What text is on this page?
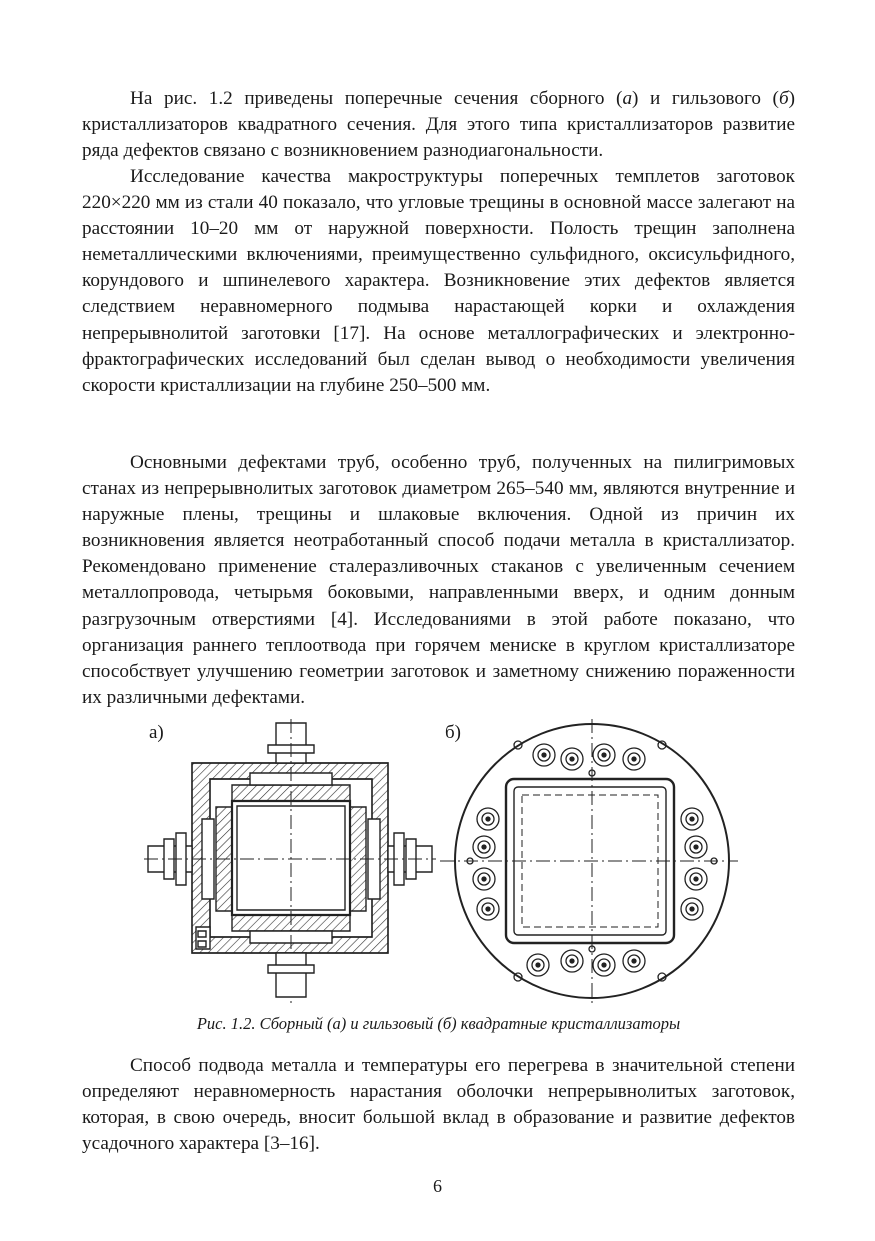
На рис. 1.2 приведены поперечные сечения сборного (а) и гильзового (б) кристаллизаторов квадратного сечения. Для этого типа кристаллизаторов развитие ряда дефектов связано с возникновением разнодиагональности.

Исследование качества макроструктуры поперечных темплетов заготовок 220×220 мм из стали 40 показало, что угловые трещины в основной массе залегают на расстоянии 10–20 мм от наружной поверхности. Полость трещин заполнена неметаллическими включениями, преимущественно сульфидного, оксисульфидного, корундового и шпинелевого характера. Возникновение этих дефектов является следствием неравномерного подмыва нарастающей корки и охлаждения непрерывнолитой заготовки [17]. На основе металлографических и электронно-фрактографических исследований был сделан вывод о необходимости увеличения скорости кристаллизации на глубине 250–500 мм.

Основными дефектами труб, особенно труб, полученных на пилигримовых станах из непрерывнолитых заготовок диаметром 265–540 мм, являются внутренние и наружные плены, трещины и шлаковые включения. Одной из причин их возникновения является неотработанный способ подачи металла в кристаллизатор. Рекомендовано применение сталеразливочных стаканов с увеличенным сечением металлопровода, четырьмя боковыми, направленными вверх, и одним донным разгрузочным отверстиями [4]. Исследованиями в этой работе показано, что организация раннего теплоотвода при горячем мениске в круглом кристаллизаторе способствует улучшению геометрии заготовок и заметному снижению пораженности их различными дефектами.

а)	б)
Рис. 1.2. Сборный (а) и гильзовый (б) квадратные кристаллизаторы

Способ подвода металла и температуры его перегрева в значительной степени определяют неравномерность нарастания оболочки непрерывнолитых заготовок, которая, в свою очередь, вносит большой вклад в образование и развитие дефектов усадочного характера [3–16].

6
